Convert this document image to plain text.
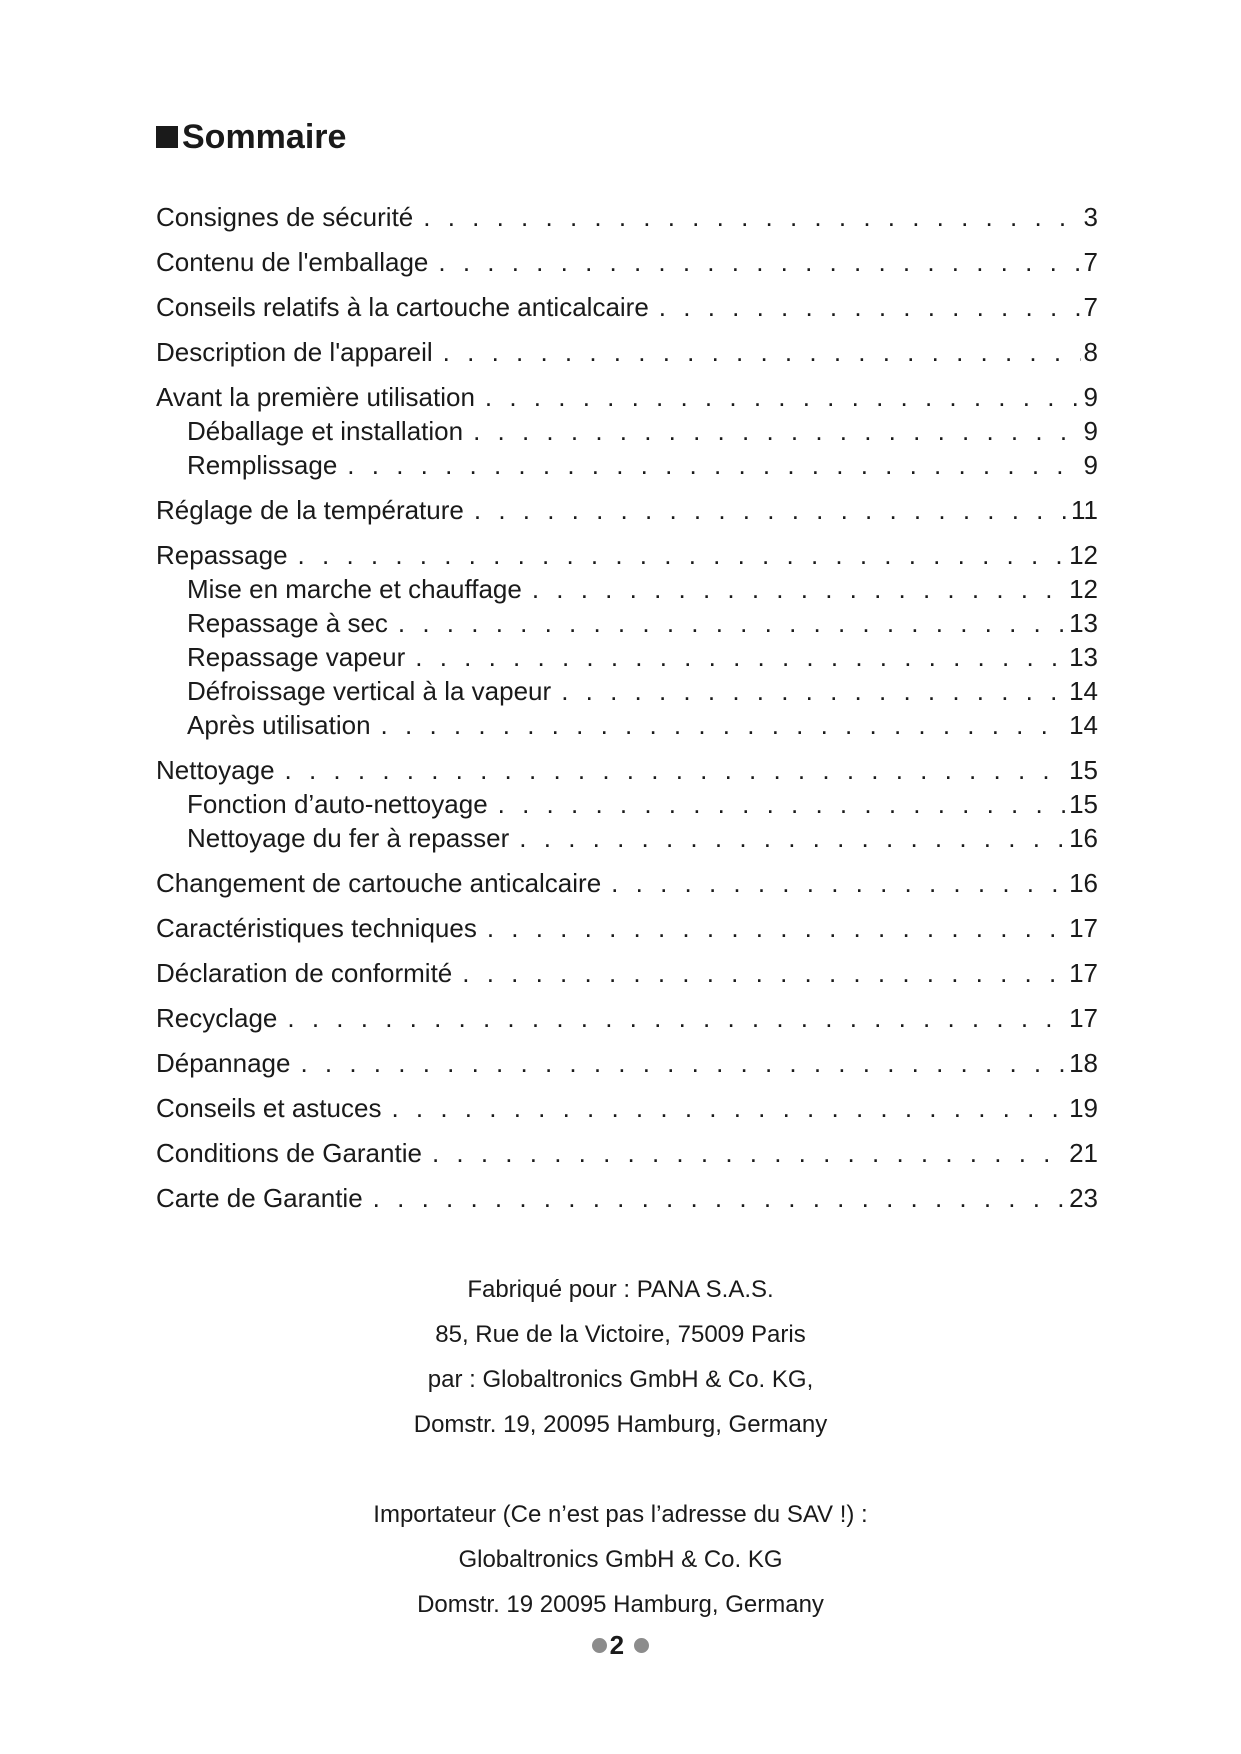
Sommaire
Consignes de sécurité . . .	3
Contenu de l'emballage . . .	7
Conseils relatifs à la cartouche anticalcaire . . .	7
Description de l'appareil . . .	8
Avant la première utilisation . . .	9
Déballage et installation . . .	9
Remplissage . . .	9
Réglage de la température . . .	11
Repassage . . .	12
Mise en marche et chauffage . . .	12
Repassage à sec . . .	13
Repassage vapeur . . .	13
Défroissage vertical à la vapeur . . .	14
Après utilisation . . .	14
Nettoyage . . .	15
Fonction d’auto-nettoyage . . .	15
Nettoyage du fer à repasser . . .	16
Changement de cartouche anticalcaire . . .	16
Caractéristiques techniques . . .	17
Déclaration de conformité . . .	17
Recyclage . . .	17
Dépannage . . .	18
Conseils et astuces . . .	19
Conditions de Garantie . . .	21
Carte de Garantie . . .	23
Fabriqué pour : PANA S.A.S.
85, Rue de la Victoire, 75009 Paris
par : Globaltronics GmbH & Co. KG,
Domstr. 19, 20095 Hamburg, Germany
Importateur (Ce n’est pas l’adresse du SAV !) :
Globaltronics GmbH & Co. KG
Domstr. 19 20095 Hamburg, Germany
2
